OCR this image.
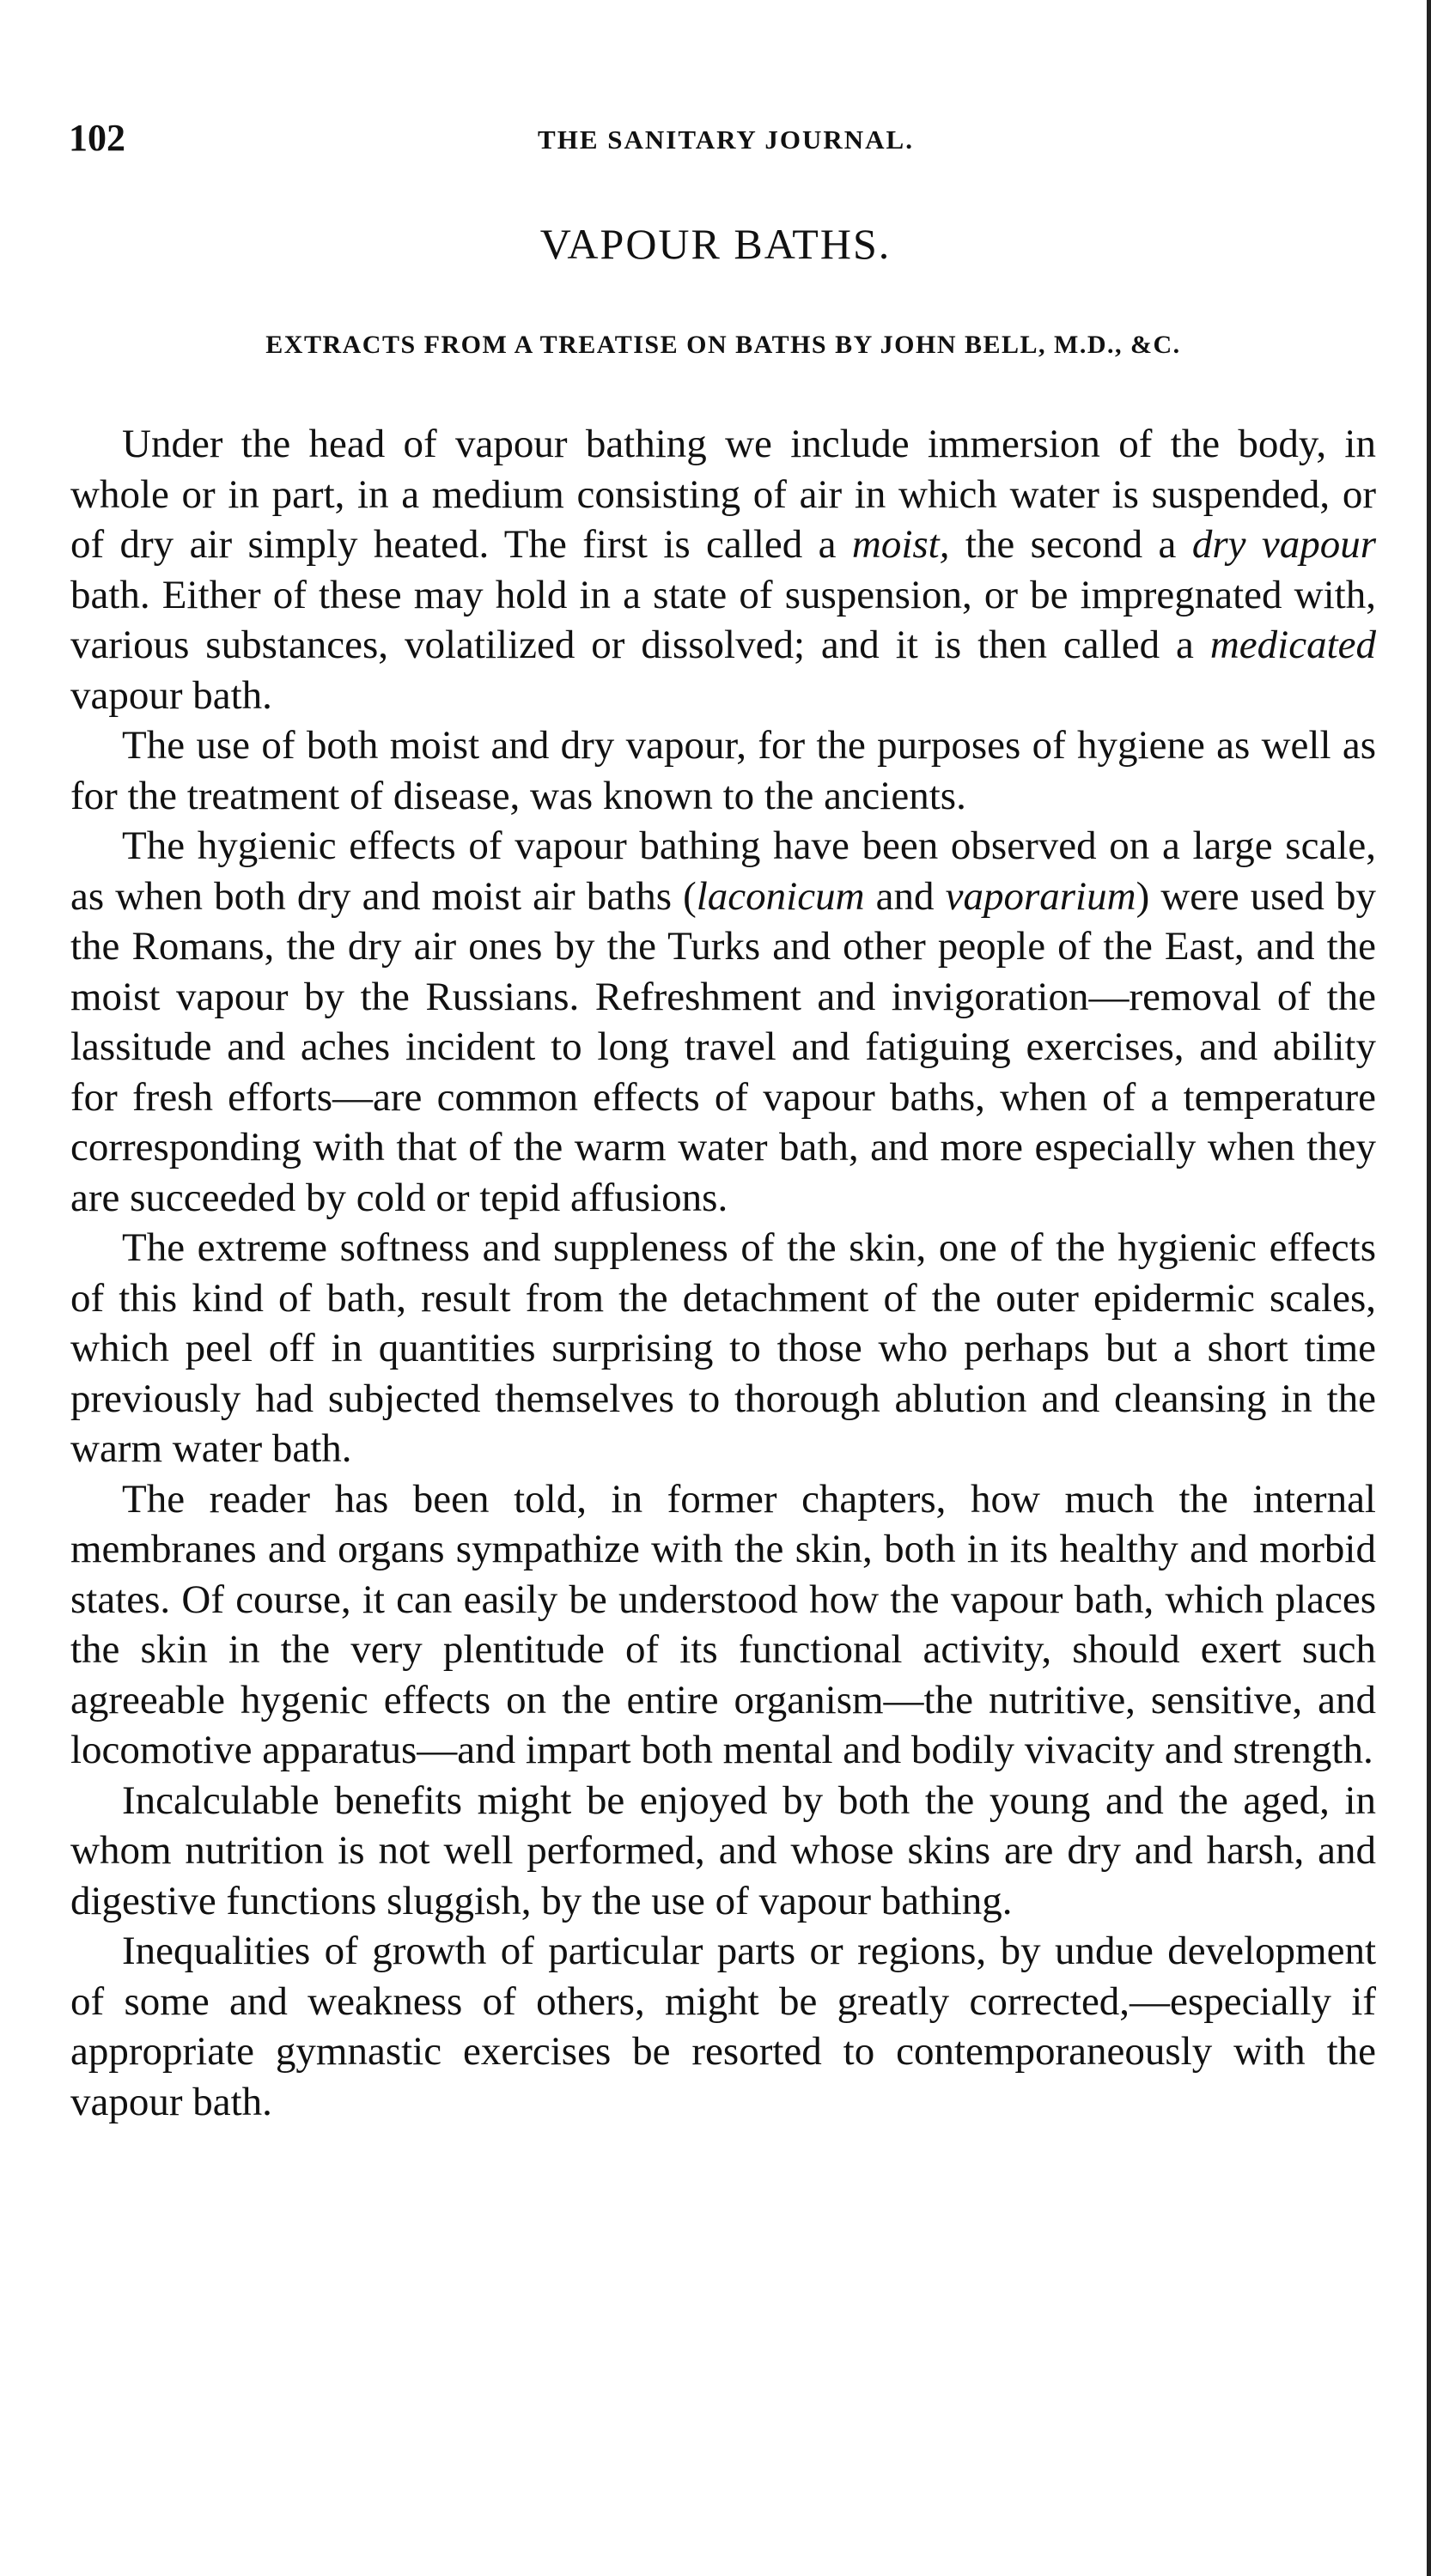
102	THE SANITARY JOURNAL.
VAPOUR BATHS.
EXTRACTS FROM A TREATISE ON BATHS BY JOHN BELL, M.D., &C.

Under the head of vapour bathing we include immersion of the body, in whole or in part, in a medium consisting of air in which water is suspended, or of dry air simply heated. The first is called a moist, the second a dry vapour bath. Either of these may hold in a state of suspension, or be impregnated with, various substances, volatilized or dissolved; and it is then called a medicated vapour bath.

The use of both moist and dry vapour, for the purposes of hygiene as well as for the treatment of disease, was known to the ancients.

The hygienic effects of vapour bathing have been observed on a large scale, as when both dry and moist air baths (laconicum and vaporarium) were used by the Romans, the dry air ones by the Turks and other people of the East, and the moist vapour by the Russians. Refreshment and invigoration—removal of the lassitude and aches incident to long travel and fatiguing exercises, and ability for fresh efforts—are common effects of vapour baths, when of a temperature corresponding with that of the warm water bath, and more especially when they are succeeded by cold or tepid affusions.

The extreme softness and suppleness of the skin, one of the hygienic effects of this kind of bath, result from the detachment of the outer epidermic scales, which peel off in quantities surprising to those who perhaps but a short time previously had subjected themselves to thorough ablution and cleansing in the warm water bath.

The reader has been told, in former chapters, how much the internal membranes and organs sympathize with the skin, both in its healthy and morbid states. Of course, it can easily be understood how the vapour bath, which places the skin in the very plentitude of its functional activity, should exert such agreeable hygenic effects on the entire organism—the nutritive, sensitive, and locomotive apparatus—and impart both mental and bodily vivacity and strength.

Incalculable benefits might be enjoyed by both the young and the aged, in whom nutrition is not well performed, and whose skins are dry and harsh, and digestive functions sluggish, by the use of vapour bathing.

Inequalities of growth of particular parts or regions, by undue development of some and weakness of others, might be greatly corrected,—especially if appropriate gymnastic exercises be resorted to contemporaneously with the vapour bath.
